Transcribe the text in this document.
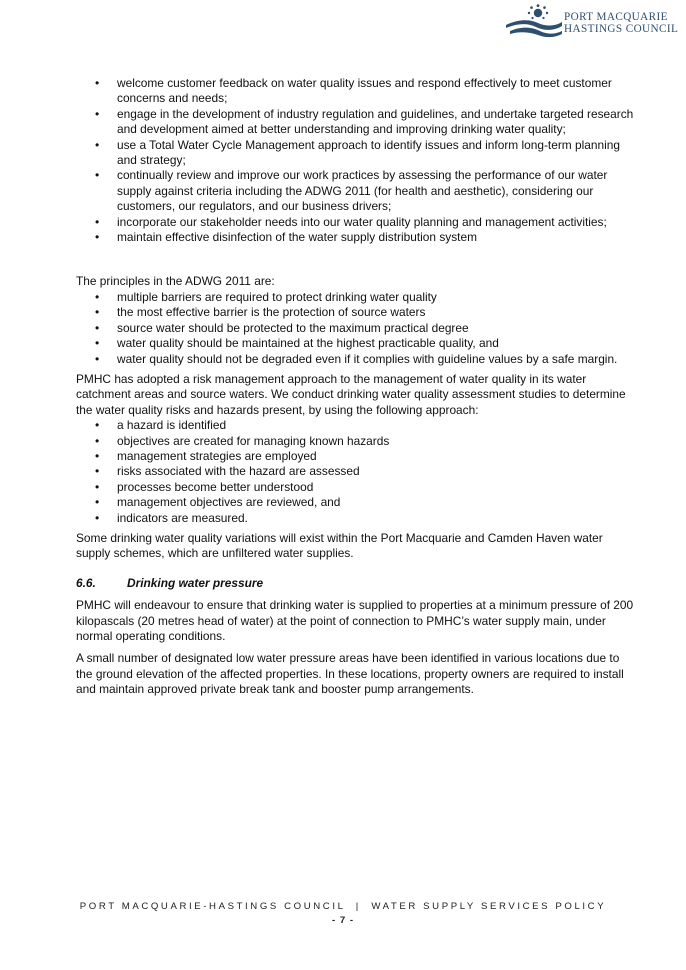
PORT MACQUARIE
HASTINGS COUNCIL
• welcome customer feedback on water quality issues and respond effectively to meet customer concerns and needs;
• engage in the development of industry regulation and guidelines, and undertake targeted research and development aimed at better understanding and improving drinking water quality;
• use a Total Water Cycle Management approach to identify issues and inform long-term planning and strategy;
• continually review and improve our work practices by assessing the performance of our water supply against criteria including the ADWG 2011 (for health and aesthetic), considering our customers, our regulators, and our business drivers;
• incorporate our stakeholder needs into our water quality planning and management activities;
• maintain effective disinfection of the water supply distribution system

The principles in the ADWG 2011 are:

• multiple barriers are required to protect drinking water quality
• the most effective barrier is the protection of source waters
• source water should be protected to the maximum practical degree
• water quality should be maintained at the highest practicable quality, and
• water quality should not be degraded even if it complies with guideline values by a safe margin.

PMHC has adopted a risk management approach to the management of water quality in its water catchment areas and source waters. We conduct drinking water quality assessment studies to determine the water quality risks and hazards present, by using the following approach:

• a hazard is identified
• objectives are created for managing known hazards
• management strategies are employed
• risks associated with the hazard are assessed
• processes become better understood
• management objectives are reviewed, and
• indicators are measured.

Some drinking water quality variations will exist within the Port Macquarie and Camden Haven water supply schemes, which are unfiltered water supplies.

6.6.	Drinking water pressure

PMHC will endeavour to ensure that drinking water is supplied to properties at a minimum pressure of 200 kilopascals (20 metres head of water) at the point of connection to PMHC’s water supply main, under normal operating conditions.

A small number of designated low water pressure areas have been identified in various locations due to the ground elevation of the affected properties. In these locations, property owners are required to install and maintain approved private break tank and booster pump arrangements.

PORT MACQUARIE-HASTINGS COUNCIL  |  WATER SUPPLY SERVICES POLICY
- 7 -
